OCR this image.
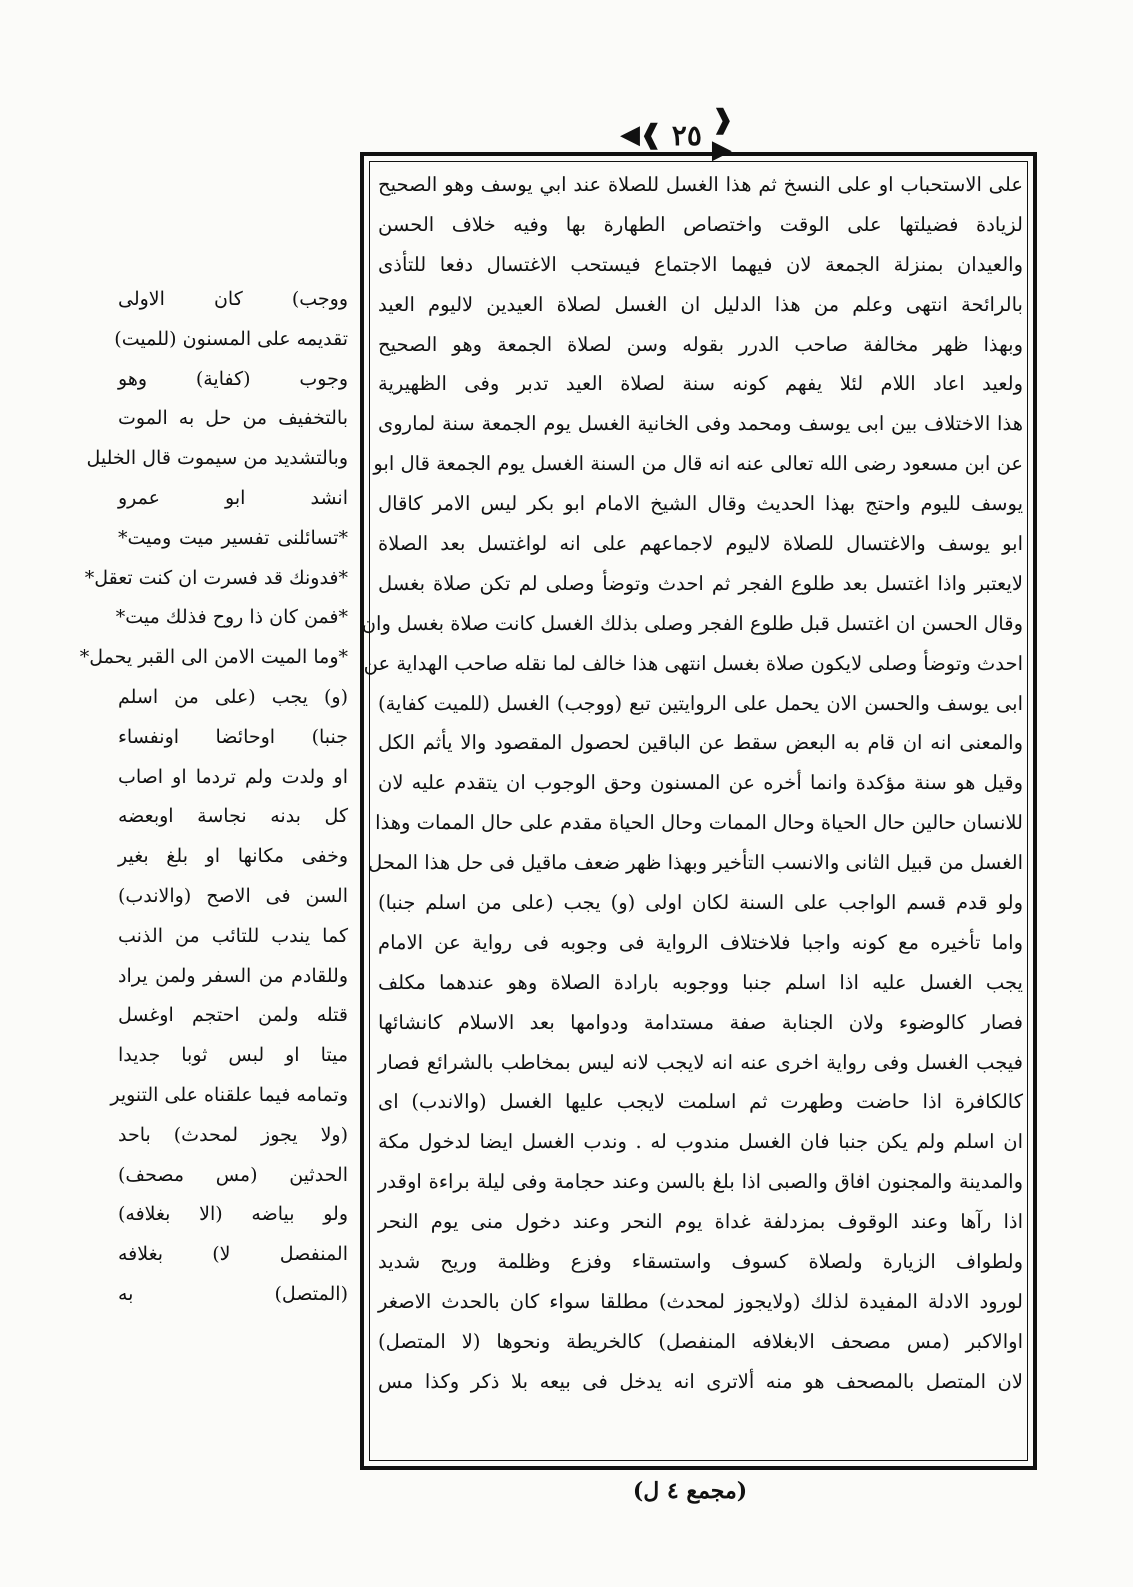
◀❰ ٢٥ ❱▶
على الاستحباب او على النسخ ثم هذا الغسل للصلاة عند ابي يوسف وهو الصحيح
لزيادة فضيلتها على الوقت واختصاص الطهارة بها وفيه خلاف الحسن
والعيدان بمنزلة الجمعة لان فيهما الاجتماع فيستحب الاغتسال دفعا للتأذى
بالرائحة انتهى وعلم من هذا الدليل ان الغسل لصلاة العيدين لاليوم العيد
وبهذا ظهر مخالفة صاحب الدرر بقوله وسن لصلاة الجمعة وهو الصحيح
ولعيد اعاد اللام لئلا يفهم كونه سنة لصلاة العيد تدبر وفى الظهيرية
هذا الاختلاف بين ابى يوسف ومحمد وفى الخانية الغسل يوم الجمعة سنة لماروى
عن ابن مسعود رضى الله تعالى عنه انه قال من السنة الغسل يوم الجمعة قال ابو
يوسف لليوم واحتج بهذا الحديث وقال الشيخ الامام ابو بكر ليس الامر كاقال
ابو يوسف والاغتسال للصلاة لاليوم لاجماعهم على انه لواغتسل بعد الصلاة
لايعتبر واذا اغتسل بعد طلوع الفجر ثم احدث وتوضأ وصلى لم تكن صلاة بغسل
وقال الحسن ان اغتسل قبل طلوع الفجر وصلى بذلك الغسل كانت صلاة بغسل وان
احدث وتوضأ وصلى لايكون صلاة بغسل انتهى هذا خالف لما نقله صاحب الهداية عن
ابى يوسف والحسن الان يحمل على الروايتين تبع (ووجب) الغسل (للميت كفاية)
والمعنى انه ان قام به البعض سقط عن الباقين لحصول المقصود والا يأثم الكل
وقيل هو سنة مؤكدة وانما أخره عن المسنون وحق الوجوب ان يتقدم عليه لان
للانسان حالين حال الحياة وحال الممات وحال الحياة مقدم على حال الممات وهذا
الغسل من قبيل الثانى والانسب التأخير وبهذا ظهر ضعف ماقيل فى حل هذا المحل
ولو قدم قسم الواجب على السنة لكان اولى (و) يجب (على من اسلم جنبا)
واما تأخيره مع كونه واجبا فلاختلاف الرواية فى وجوبه فى رواية عن الامام
يجب الغسل عليه اذا اسلم جنبا ووجوبه بارادة الصلاة وهو عندهما مكلف
فصار كالوضوء ولان الجنابة صفة مستدامة ودوامها بعد الاسلام كانشائها
فيجب الغسل وفى رواية اخرى عنه انه لايجب لانه ليس بمخاطب بالشرائع فصار
كالكافرة اذا حاضت وطهرت ثم اسلمت لايجب عليها الغسل (والاندب) اى
ان اسلم ولم يكن جنبا فان الغسل مندوب له . وندب الغسل ايضا لدخول مكة
والمدينة والمجنون افاق والصبى اذا بلغ بالسن وعند حجامة وفى ليلة براءة اوقدر
اذا رآها وعند الوقوف بمزدلفة غداة يوم النحر وعند دخول منى يوم النحر
ولطواف الزيارة ولصلاة كسوف واستسقاء وفزع وظلمة وريح شديد
لورود الادلة المفيدة لذلك (ولايجوز لمحدث) مطلقا سواء كان بالحدث الاصغر
اوالاكبر (مس مصحف الابغلافه المنفصل) كالخريطة ونحوها (لا المتصل)
لان المتصل بالمصحف هو منه ألاترى انه يدخل فى بيعه بلا ذكر وكذا مس
ووجب) كان الاولى
تقديمه على المسنون (للميت)
وجوب (كفاية) وهو
بالتخفيف من حل به الموت
وبالتشديد من سيموت قال الخليل
انشد ابو عمرو
*تسائلنى تفسير ميت وميت*
*فدونك قد فسرت ان كنت تعقل*
*فمن كان ذا روح فذلك ميت*
*وما الميت الامن الى القبر يحمل*
(و) يجب (على من اسلم
جنبا) اوحائضا اونفساء
او ولدت ولم تردما او اصاب
كل بدنه نجاسة اوبعضه
وخفى مكانها او بلغ بغير
السن فى الاصح (والاندب)
كما يندب للتائب من الذنب
وللقادم من السفر ولمن يراد
قتله ولمن احتجم اوغسل
ميتا او لبس ثوبا جديدا
وتمامه فيما علقناه على التنوير
(ولا يجوز لمحدث) باحد
الحدثين (مس مصحف)
ولو بياضه (الا بغلافه)
المنفصل لا) بغلافه
(المتصل) به
(مجمع ٤ ل)
